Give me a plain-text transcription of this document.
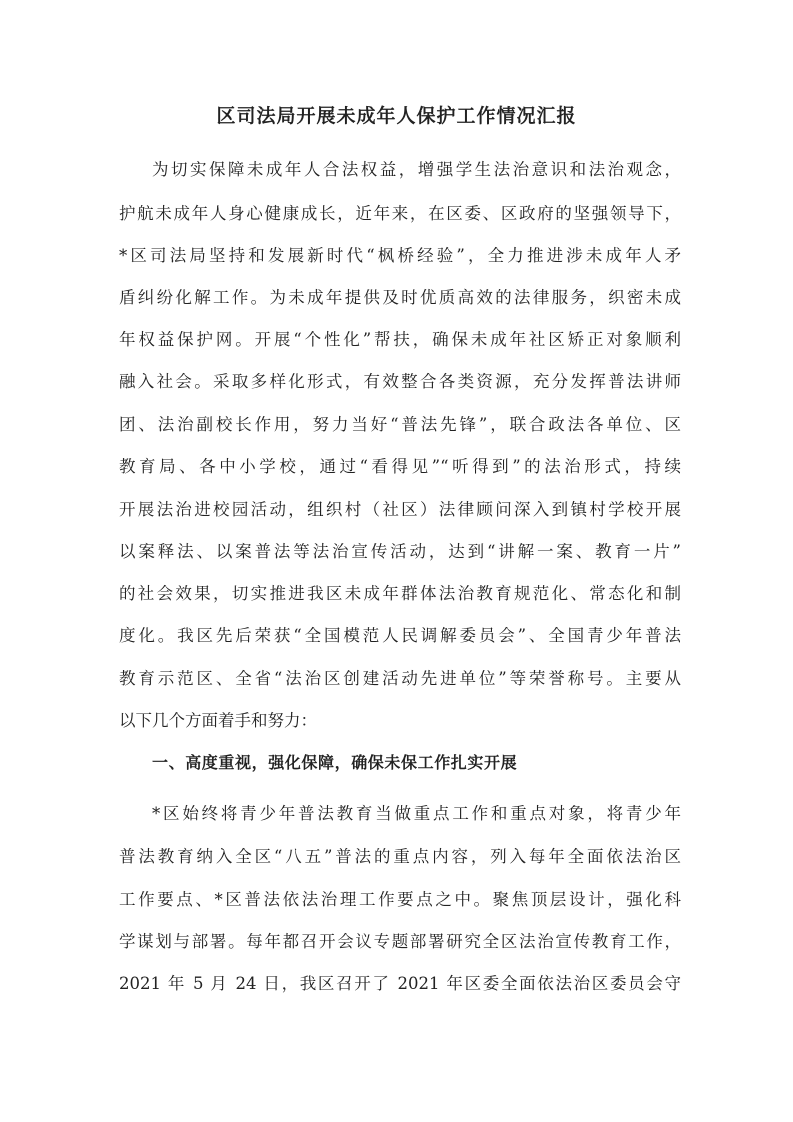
区司法局开展未成年人保护工作情况汇报
为切实保障未成年人合法权益，增强学生法治意识和法治观念，
护航未成年人身心健康成长，近年来，在区委、区政府的坚强领导下，
*区司法局坚持和发展新时代“枫桥经验”，全力推进涉未成年人矛
盾纠纷化解工作。为未成年提供及时优质高效的法律服务，织密未成
年权益保护网。开展“个性化”帮扶，确保未成年社区矫正对象顺利
融入社会。采取多样化形式，有效整合各类资源，充分发挥普法讲师
团、法治副校长作用，努力当好“普法先锋”，联合政法各单位、区
教育局、各中小学校，通过“看得见”“听得到”的法治形式，持续
开展法治进校园活动，组织村（社区）法律顾问深入到镇村学校开展
以案释法、以案普法等法治宣传活动，达到“讲解一案、教育一片”
的社会效果，切实推进我区未成年群体法治教育规范化、常态化和制
度化。我区先后荣获“全国模范人民调解委员会”、全国青少年普法
教育示范区、全省“法治区创建活动先进单位”等荣誉称号。主要从
以下几个方面着手和努力：
一、高度重视，强化保障，确保未保工作扎实开展
*区始终将青少年普法教育当做重点工作和重点对象，将青少年
普法教育纳入全区“八五”普法的重点内容，列入每年全面依法治区
工作要点、*区普法依法治理工作要点之中。聚焦顶层设计，强化科
学谋划与部署。每年都召开会议专题部署研究全区法治宣传教育工作，
2021 年 5 月 24 日，我区召开了 2021 年区委全面依法治区委员会守
